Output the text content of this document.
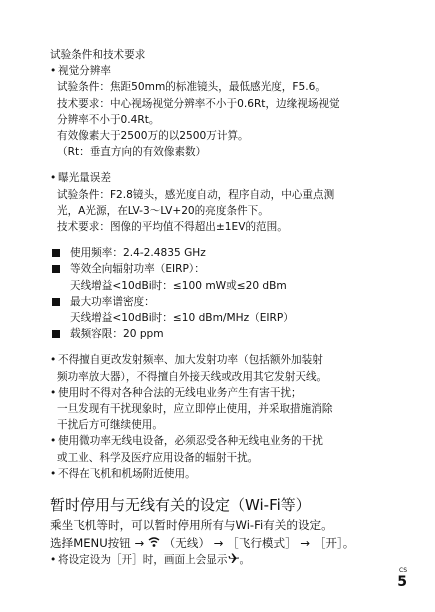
试验条件和技术要求
• 视觉分辨率
试验条件：焦距50mm的标准镜头，最低感光度，F5.6。
技术要求：中心视场视觉分辨率不小于0.6Rt，边缘视场视觉
分辨率不小于0.4Rt。
有效像素大于2500万的以2500万计算。
（Rt：垂直方向的有效像素数）
• 曝光量误差
试验条件：F2.8镜头，感光度自动，程序自动，中心重点测
光，A光源，在LV-3～LV+20的亮度条件下。
技术要求：图像的平均值不得超出±1EV的范围。
使用频率：2.4-2.4835 GHz
等效全向辐射功率（EIRP）：
天线增益<10dBi时：≤100 mW或≤20 dBm
最大功率谱密度：
天线增益<10dBi时：≤10 dBm/MHz（EIRP）
载频容限：20 ppm
• 不得擅自更改发射频率、加大发射功率（包括额外加装射
频功率放大器），不得擅自外接天线或改用其它发射天线。
• 使用时不得对各种合法的无线电业务产生有害干扰；
一旦发现有干扰现象时，应立即停止使用，并采取措施消除
干扰后方可继续使用。
• 使用微功率无线电设备，必须忍受各种无线电业务的干扰
或工业、科学及医疗应用设备的辐射干扰。
• 不得在飞机和机场附近使用。
暂时停用与无线有关的设定（Wi-Fi等）
乘坐飞机等时，可以暂时停用所有与Wi-Fi有关的设定。
选择MENU按钮 → （无线） → ［飞行模式］ → ［开］。
• 将设定设为［开］时，画面上会显示 。
CS
5
